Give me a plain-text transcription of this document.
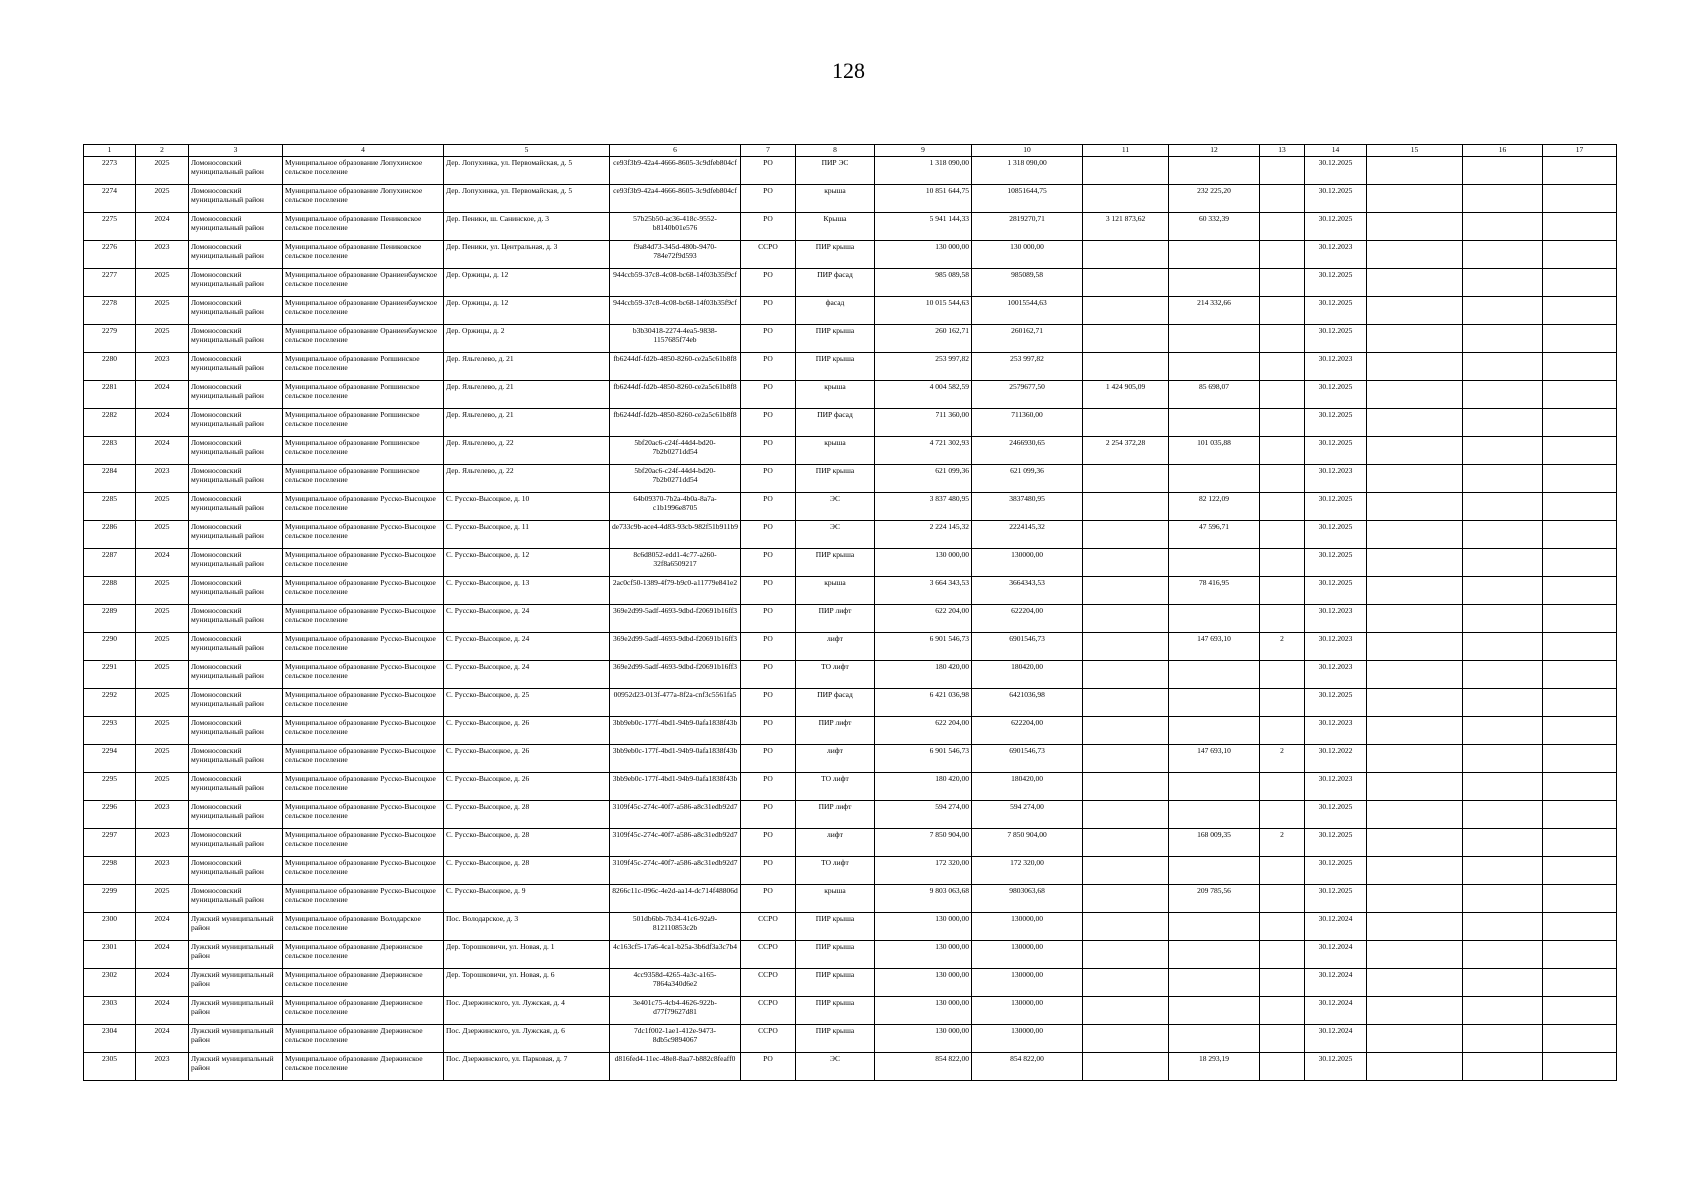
128
1	2	3	4	5	6	7	8	9	10	11	12	13	14	15	16	17
2273	2025	Ломоносовский муниципальный район	Муниципальное образование Лопухинское сельское поселение	Дер. Лопухинка, ул. Первомайская, д. 5	ce93f3b9-42a4-4666-8605-3c9dfeb804cf	РО	ПИР ЭС	1 318 090,00	1 318 090,00				30.12.2025			
2274	2025	Ломоносовский муниципальный район	Муниципальное образование Лопухинское сельское поселение	Дер. Лопухинка, ул. Первомайская, д. 5	ce93f3b9-42a4-4666-8605-3c9dfeb804cf	РО	крыша	10 851 644,75	10851644,75		232 225,20		30.12.2025			
2275	2024	Ломоносовский муниципальный район	Муниципальное образование Пениковское сельское поселение	Дер. Пеники, ш. Санинское, д. 3	57b25b50-ac36-418c-9552-b8140b01e576	РО	Крыша	5 941 144,33	2819270,71	3 121 873,62	60 332,39		30.12.2025			
2276	2023	Ломоносовский муниципальный район	Муниципальное образование Пениковское сельское поселение	Дер. Пеники, ул. Центральная, д. 3	f9a84d73-345d-480b-9470-784e72f9d593	ССРО	ПИР крыша	130 000,00	130 000,00				30.12.2023			
2277	2025	Ломоносовский муниципальный район	Муниципальное образование Ораниенбаумское сельское поселение	Дер. Оржицы, д. 12	944ccb59-37c8-4c08-bc68-14f03b35f9cf	РО	ПИР фасад	985 089,58	985089,58				30.12.2025			
2278	2025	Ломоносовский муниципальный район	Муниципальное образование Ораниенбаумское сельское поселение	Дер. Оржицы, д. 12	944ccb59-37c8-4c08-bc68-14f03b35f9cf	РО	фасад	10 015 544,63	10015544,63		214 332,66		30.12.2025			
2279	2025	Ломоносовский муниципальный район	Муниципальное образование Ораниенбаумское сельское поселение	Дер. Оржицы, д. 2	b3b30418-2274-4ea5-9838-1157685f74eb	РО	ПИР крыша	260 162,71	260162,71				30.12.2025			
2280	2023	Ломоносовский муниципальный район	Муниципальное образование Ропшинское сельское поселение	Дер. Яльгелево, д. 21	fb6244df-fd2b-4850-8260-ce2a5c61b8f8	РО	ПИР крыша	253 997,82	253 997,82				30.12.2023			
2281	2024	Ломоносовский муниципальный район	Муниципальное образование Ропшинское сельское поселение	Дер. Яльгелево, д. 21	fb6244df-fd2b-4850-8260-ce2a5c61b8f8	РО	крыша	4 004 582,59	2579677,50	1 424 905,09	85 698,07		30.12.2025			
2282	2024	Ломоносовский муниципальный район	Муниципальное образование Ропшинское сельское поселение	Дер. Яльгелево, д. 21	fb6244df-fd2b-4850-8260-ce2a5c61b8f8	РО	ПИР фасад	711 360,00	711360,00				30.12.2025			
2283	2024	Ломоносовский муниципальный район	Муниципальное образование Ропшинское сельское поселение	Дер. Яльгелево, д. 22	5bf20ac6-c24f-44d4-bd20-7b2b0271dd54	РО	крыша	4 721 302,93	2466930,65	2 254 372,28	101 035,88		30.12.2025			
2284	2023	Ломоносовский муниципальный район	Муниципальное образование Ропшинское сельское поселение	Дер. Яльгелево, д. 22	5bf20ac6-c24f-44d4-bd20-7b2b0271dd54	РО	ПИР крыша	621 099,36	621 099,36				30.12.2023			
2285	2025	Ломоносовский муниципальный район	Муниципальное образование Русско-Высоцкое сельское поселение	С. Русско-Высоцкое, д. 10	64b09370-7b2a-4b0a-8a7a-c1b1996e8705	РО	ЭС	3 837 480,95	3837480,95		82 122,09		30.12.2025			
2286	2025	Ломоносовский муниципальный район	Муниципальное образование Русско-Высоцкое сельское поселение	С. Русско-Высоцкое, д. 11	de733c9b-ace4-4d83-93cb-982f51b911b9	РО	ЭС	2 224 145,32	2224145,32		47 596,71		30.12.2025			
2287	2024	Ломоносовский муниципальный район	Муниципальное образование Русско-Высоцкое сельское поселение	С. Русско-Высоцкое, д. 12	8c6d8052-edd1-4c77-a260-32f8a6509217	РО	ПИР крыша	130 000,00	130000,00				30.12.2025			
2288	2025	Ломоносовский муниципальный район	Муниципальное образование Русско-Высоцкое сельское поселение	С. Русско-Высоцкое, д. 13	2ac0cf50-1389-4f79-b9c0-a11779e841e2	РО	крыша	3 664 343,53	3664343,53		78 416,95		30.12.2025			
2289	2025	Ломоносовский муниципальный район	Муниципальное образование Русско-Высоцкое сельское поселение	С. Русско-Высоцкое, д. 24	369e2d99-5adf-4693-9dbd-f20691b16ff3	РО	ПИР лифт	622 204,00	622204,00				30.12.2023			
2290	2025	Ломоносовский муниципальный район	Муниципальное образование Русско-Высоцкое сельское поселение	С. Русско-Высоцкое, д. 24	369e2d99-5adf-4693-9dbd-f20691b16ff3	РО	лифт	6 901 546,73	6901546,73		147 693,10	2	30.12.2023			
2291	2025	Ломоносовский муниципальный район	Муниципальное образование Русско-Высоцкое сельское поселение	С. Русско-Высоцкое, д. 24	369e2d99-5adf-4693-9dbd-f20691b16ff3	РО	ТО лифт	180 420,00	180420,00				30.12.2023			
2292	2025	Ломоносовский муниципальный район	Муниципальное образование Русско-Высоцкое сельское поселение	С. Русско-Высоцкое, д. 25	00952d23-013f-477a-8f2a-cnf3c5561fa5	РО	ПИР фасад	6 421 036,98	6421036,98				30.12.2025			
2293	2025	Ломоносовский муниципальный район	Муниципальное образование Русско-Высоцкое сельское поселение	С. Русско-Высоцкое, д. 26	3bb9eb0c-177f-4bd1-94b9-0afa1838f43b	РО	ПИР лифт	622 204,00	622204,00				30.12.2023			
2294	2025	Ломоносовский муниципальный район	Муниципальное образование Русско-Высоцкое сельское поселение	С. Русско-Высоцкое, д. 26	3bb9eb0c-177f-4bd1-94b9-0afa1838f43b	РО	лифт	6 901 546,73	6901546,73		147 693,10	2	30.12.2022			
2295	2025	Ломоносовский муниципальный район	Муниципальное образование Русско-Высоцкое сельское поселение	С. Русско-Высоцкое, д. 26	3bb9eb0c-177f-4bd1-94b9-0afa1838f43b	РО	ТО лифт	180 420,00	180420,00				30.12.2023			
2296	2023	Ломоносовский муниципальный район	Муниципальное образование Русско-Высоцкое сельское поселение	С. Русско-Высоцкое, д. 28	3109f45c-274c-40f7-a586-a8c31edb92d7	РО	ПИР лифт	594 274,00	594 274,00				30.12.2025			
2297	2023	Ломоносовский муниципальный район	Муниципальное образование Русско-Высоцкое сельское поселение	С. Русско-Высоцкое, д. 28	3109f45c-274c-40f7-a586-a8c31edb92d7	РО	лифт	7 850 904,00	7 850 904,00		168 009,35	2	30.12.2025			
2298	2023	Ломоносовский муниципальный район	Муниципальное образование Русско-Высоцкое сельское поселение	С. Русско-Высоцкое, д. 28	3109f45c-274c-40f7-a586-a8c31edb92d7	РО	ТО лифт	172 320,00	172 320,00				30.12.2025			
2299	2025	Ломоносовский муниципальный район	Муниципальное образование Русско-Высоцкое сельское поселение	С. Русско-Высоцкое, д. 9	8266c11c-096c-4e2d-aa14-dc714f48806d	РО	крыша	9 803 063,68	9803063,68		209 785,56		30.12.2025			
2300	2024	Лужский муниципальный район	Муниципальное образование Володарское сельское поселение	Пос. Володарское, д. 3	501db6bb-7b34-41c6-92a9-812110853c2b	ССРО	ПИР крыша	130 000,00	130000,00				30.12.2024			
2301	2024	Лужский муниципальный район	Муниципальное образование Дзержинское сельское поселение	Дер. Торошковичи, ул. Новая, д. 1	4c163cf5-17a6-4ca1-b25a-3b6df3a3c7b4	ССРО	ПИР крыша	130 000,00	130000,00				30.12.2024			
2302	2024	Лужский муниципальный район	Муниципальное образование Дзержинское сельское поселение	Дер. Торошковичи, ул. Новая, д. 6	4cc9358d-4265-4a3c-a165-7864a340d6e2	ССРО	ПИР крыша	130 000,00	130000,00				30.12.2024			
2303	2024	Лужский муниципальный район	Муниципальное образование Дзержинское сельское поселение	Пос. Дзержинского, ул. Лужская, д. 4	3e401c75-4cb4-4626-922b-d77f79627d81	ССРО	ПИР крыша	130 000,00	130000,00				30.12.2024			
2304	2024	Лужский муниципальный район	Муниципальное образование Дзержинское сельское поселение	Пос. Дзержинского, ул. Лужская, д. 6	7dc1f002-1ae1-412e-9473-8db5c9894067	ССРО	ПИР крыша	130 000,00	130000,00				30.12.2024			
2305	2023	Лужский муниципальный район	Муниципальное образование Дзержинское сельское поселение	Пос. Дзержинского, ул. Парковая, д. 7	d816fed4-11ec-48e8-8aa7-b882c8feaff0	РО	ЭС	854 822,00	854 822,00		18 293,19		30.12.2025			
